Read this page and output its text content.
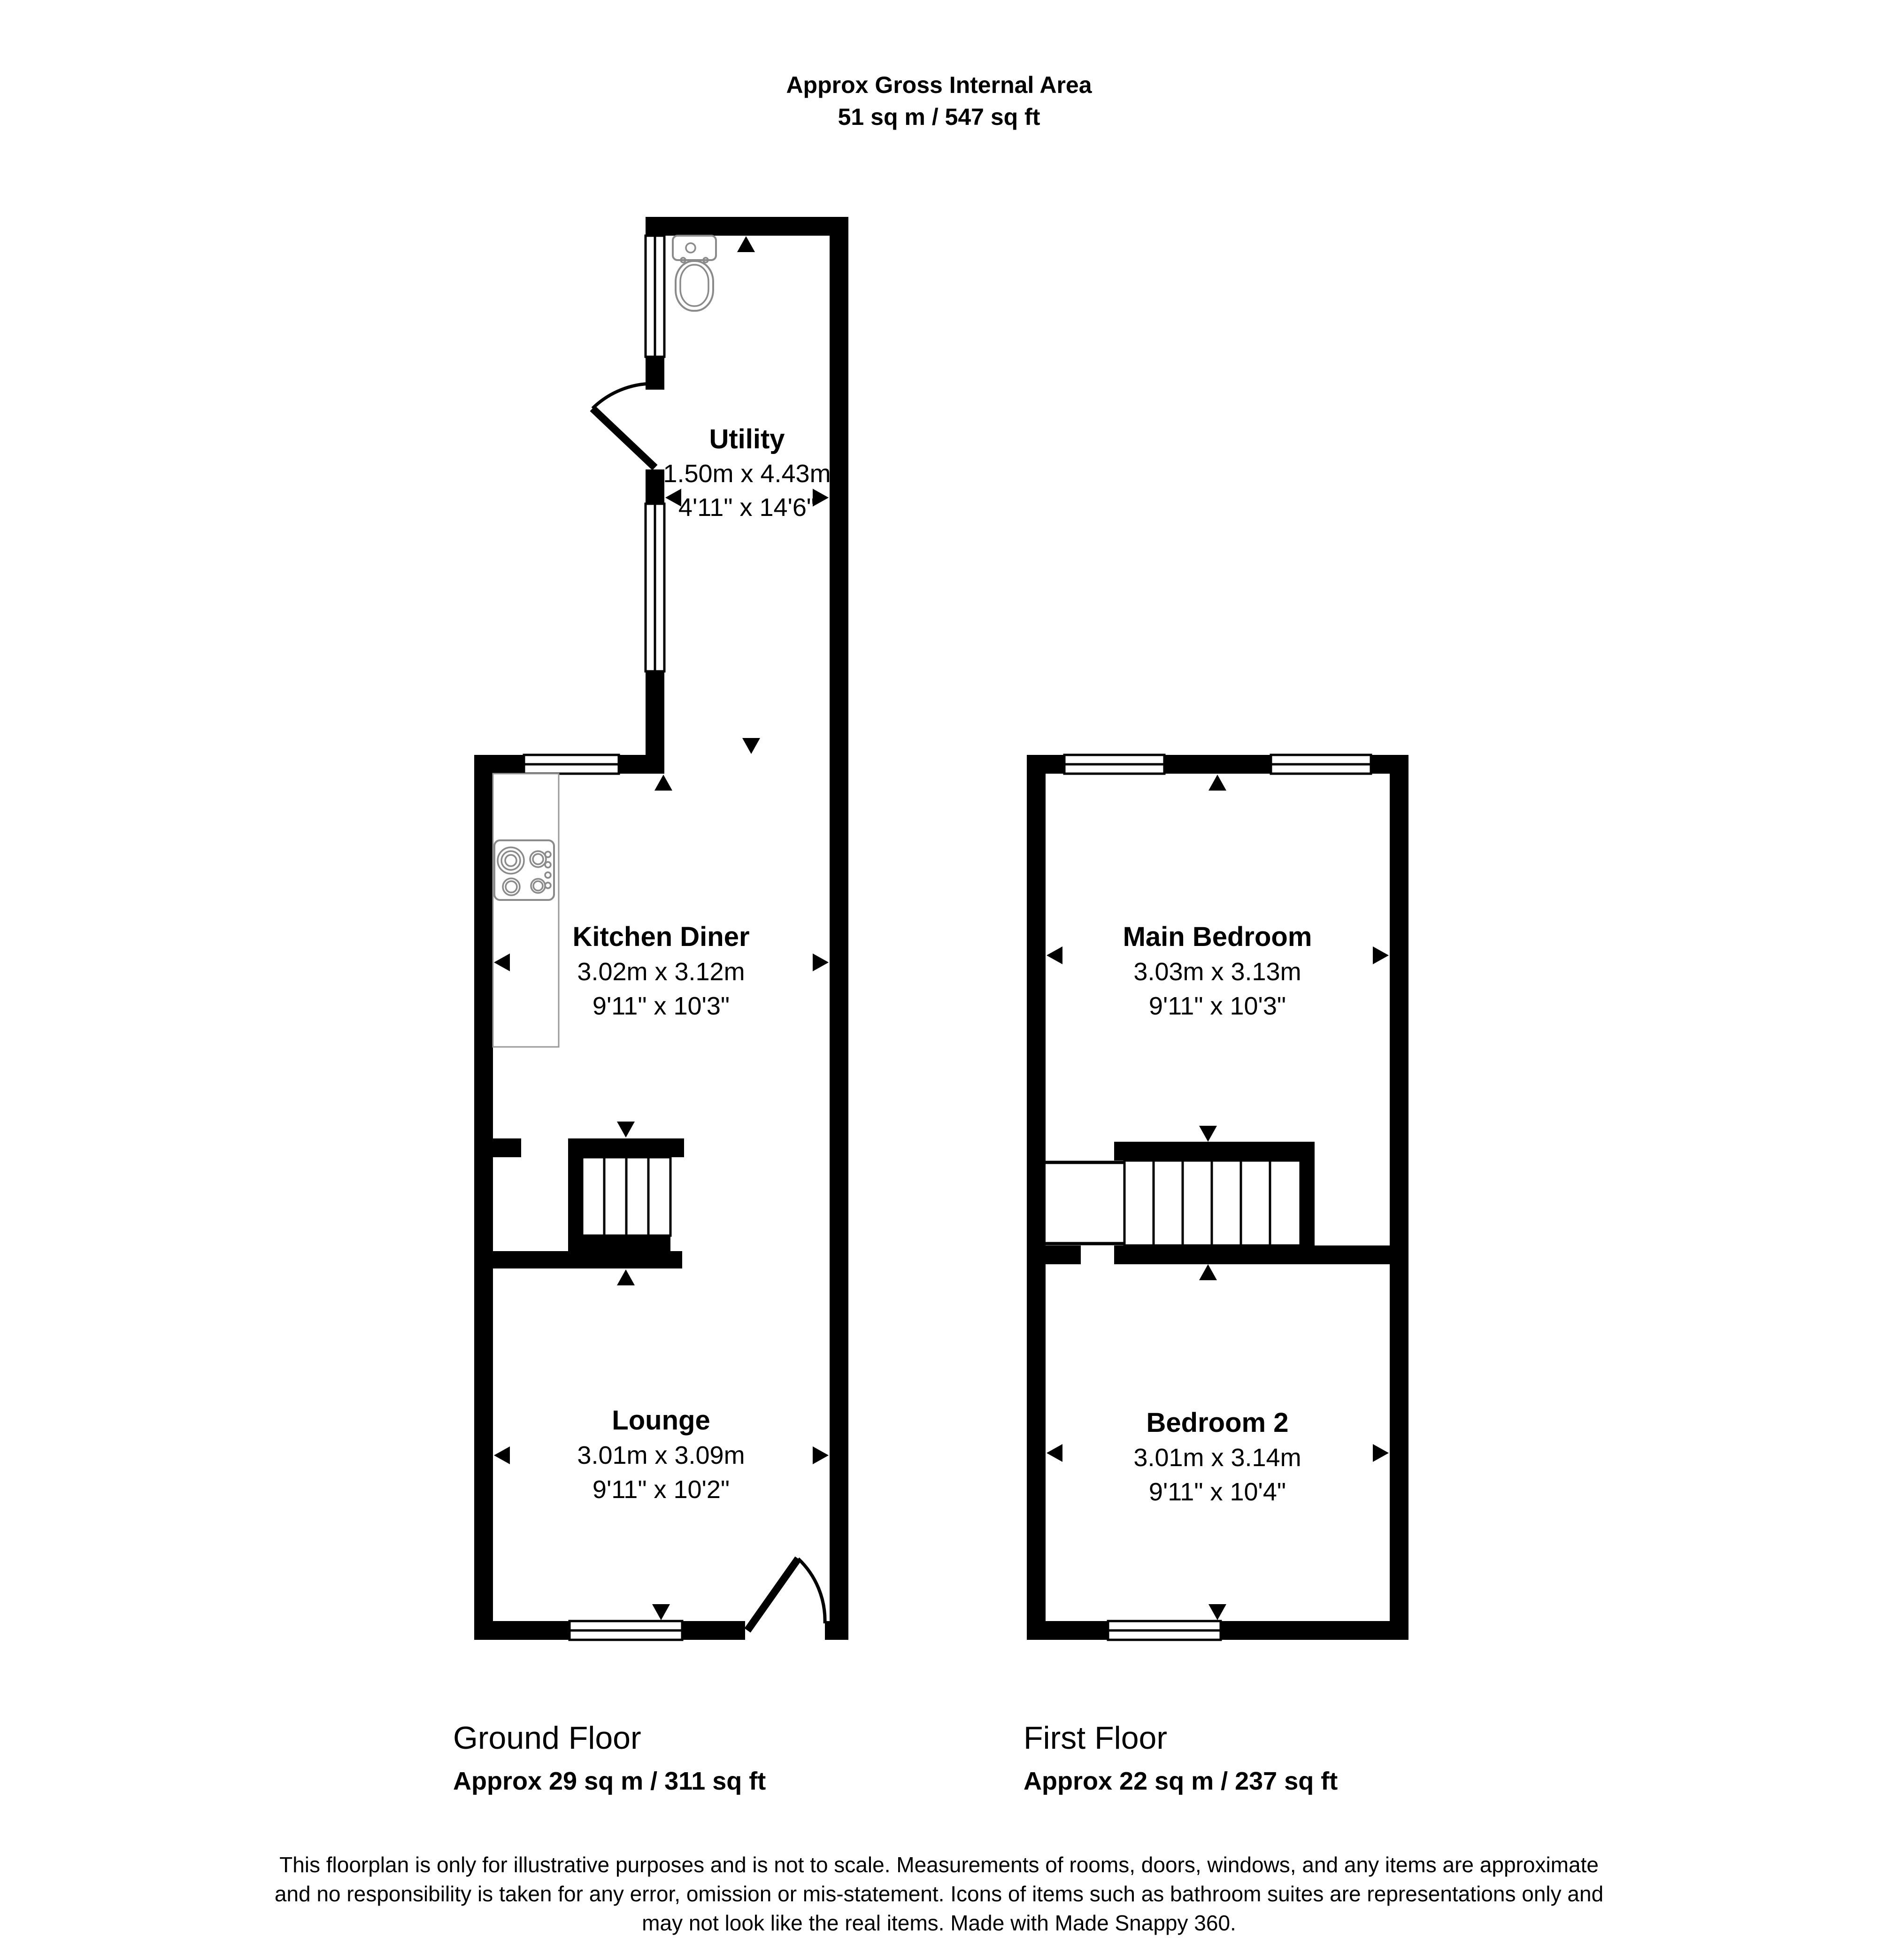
Approx Gross Internal Area
51 sq m / 547 sq ft
Utility
1.50m x 4.43m
4'11" x 14'6"
Kitchen Diner
3.02m x 3.12m
9'11" x 10'3"
Lounge
3.01m x 3.09m
9'11" x 10'2"
Main Bedroom
3.03m x 3.13m
9'11" x 10'3"
Bedroom 2
3.01m x 3.14m
9'11" x 10'4"
Ground Floor
Approx 29 sq m / 311 sq ft
First Floor
Approx 22 sq m / 237 sq ft
This floorplan is only for illustrative purposes and is not to scale. Measurements of rooms, doors, windows, and any items are approximate
and no responsibility is taken for any error, omission or mis-statement. Icons of items such as bathroom suites are representations only and
may not look like the real items. Made with Made Snappy 360.
